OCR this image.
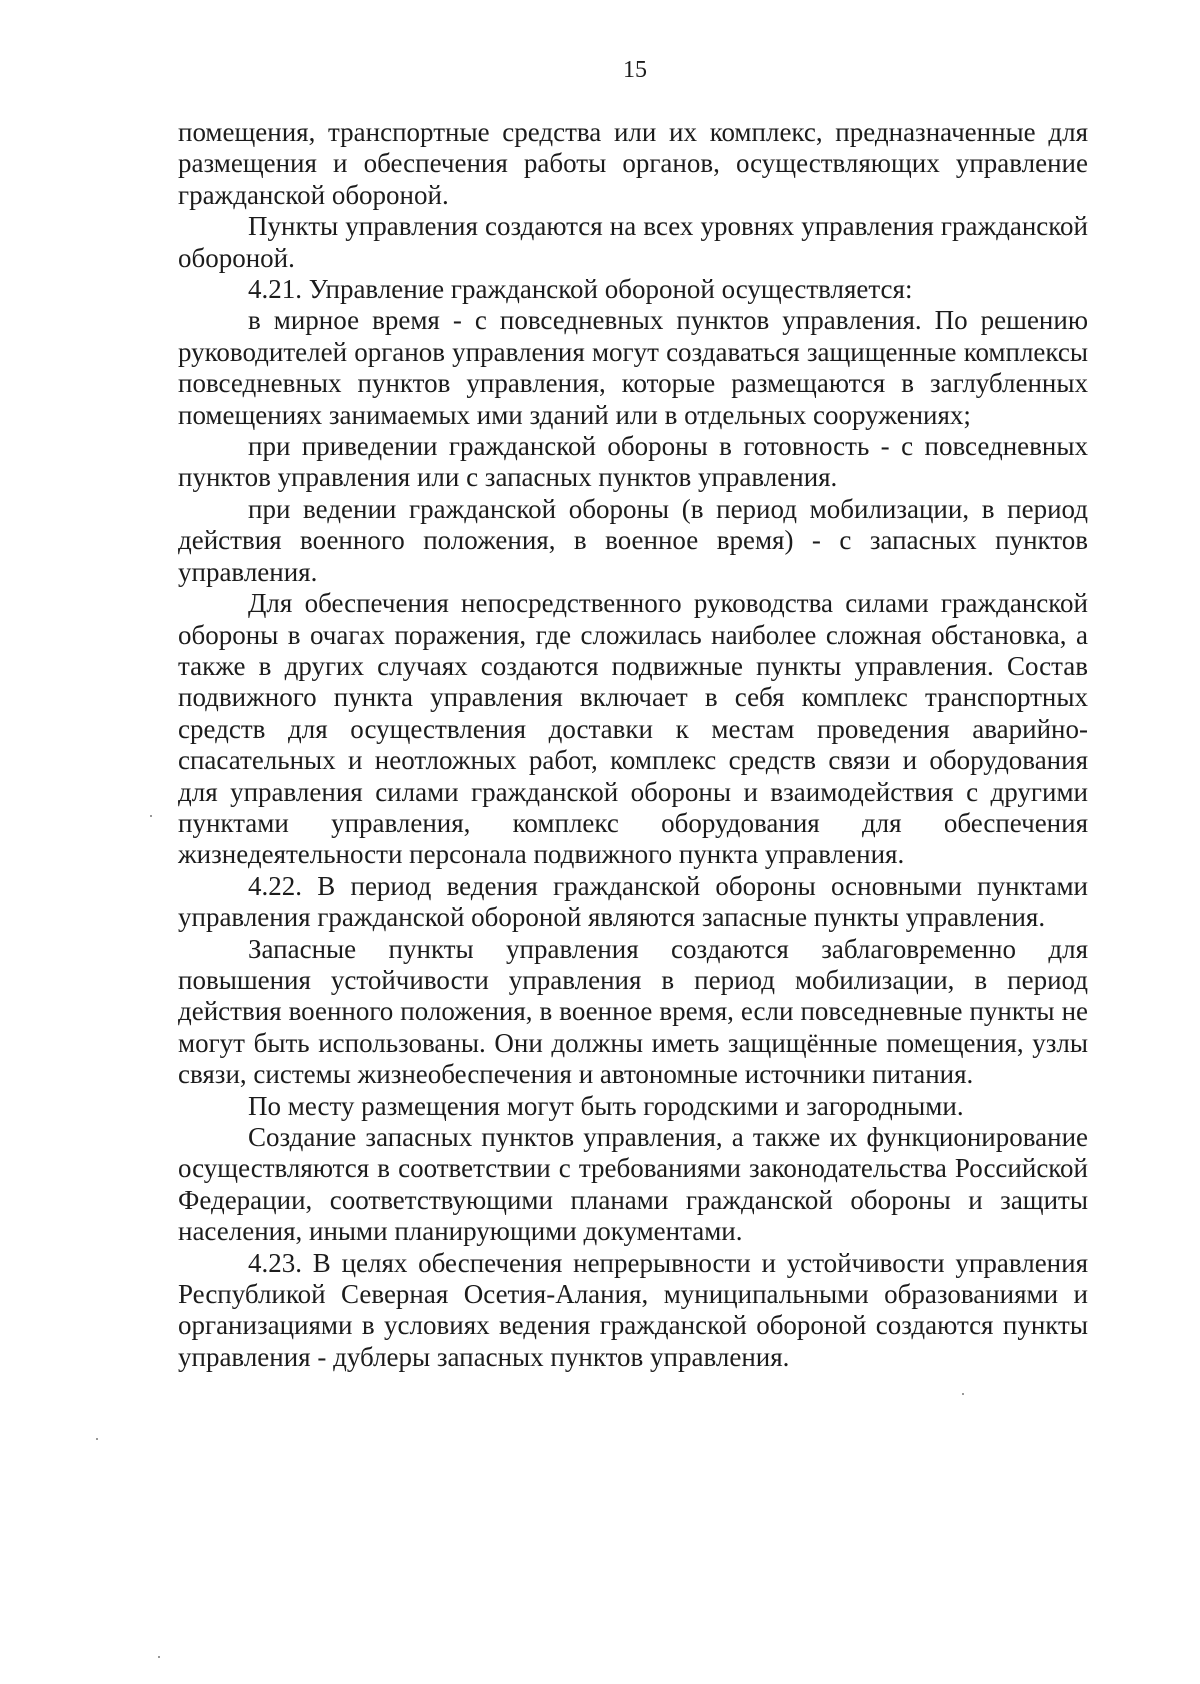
15

помещения, транспортные средства или их комплекс, предназначенные для размещения и обеспечения работы органов, осуществляющих управление гражданской обороной.

Пункты управления создаются на всех уровнях управления гражданской обороной.

4.21. Управление гражданской обороной осуществляется:

в мирное время - с повседневных пунктов управления. По решению руководителей органов управления могут создаваться защищенные комплексы повседневных пунктов управления, которые размещаются в заглубленных помещениях занимаемых ими зданий или в отдельных сооружениях;

при приведении гражданской обороны в готовность - с повседневных пунктов управления или с запасных пунктов управления.

при ведении гражданской обороны (в период мобилизации, в период действия военного положения, в военное время) - с запасных пунктов управления.

Для обеспечения непосредственного руководства силами гражданской обороны в очагах поражения, где сложилась наиболее сложная обстановка, а также в других случаях создаются подвижные пункты управления. Состав подвижного пункта управления включает в себя комплекс транспортных средств для осуществления доставки к местам проведения аварийно-спасательных и неотложных работ, комплекс средств связи и оборудования для управления силами гражданской обороны и взаимодействия с другими пунктами управления, комплекс оборудования для обеспечения жизнедеятельности персонала подвижного пункта управления.

4.22. В период ведения гражданской обороны основными пунктами управления гражданской обороной являются запасные пункты управления.

Запасные пункты управления создаются заблаговременно для повышения устойчивости управления в период мобилизации, в период действия военного положения, в военное время, если повседневные пункты не могут быть использованы. Они должны иметь защищённые помещения, узлы связи, системы жизнеобеспечения и автономные источники питания.

По месту размещения могут быть городскими и загородными.

Создание запасных пунктов управления, а также их функционирование осуществляются в соответствии с требованиями законодательства Российской Федерации, соответствующими планами гражданской обороны и защиты населения, иными планирующими документами.

4.23. В целях обеспечения непрерывности и устойчивости управления Республикой Северная Осетия-Алания, муниципальными образованиями и организациями в условиях ведения гражданской обороной создаются пункты управления - дублеры запасных пунктов управления.
